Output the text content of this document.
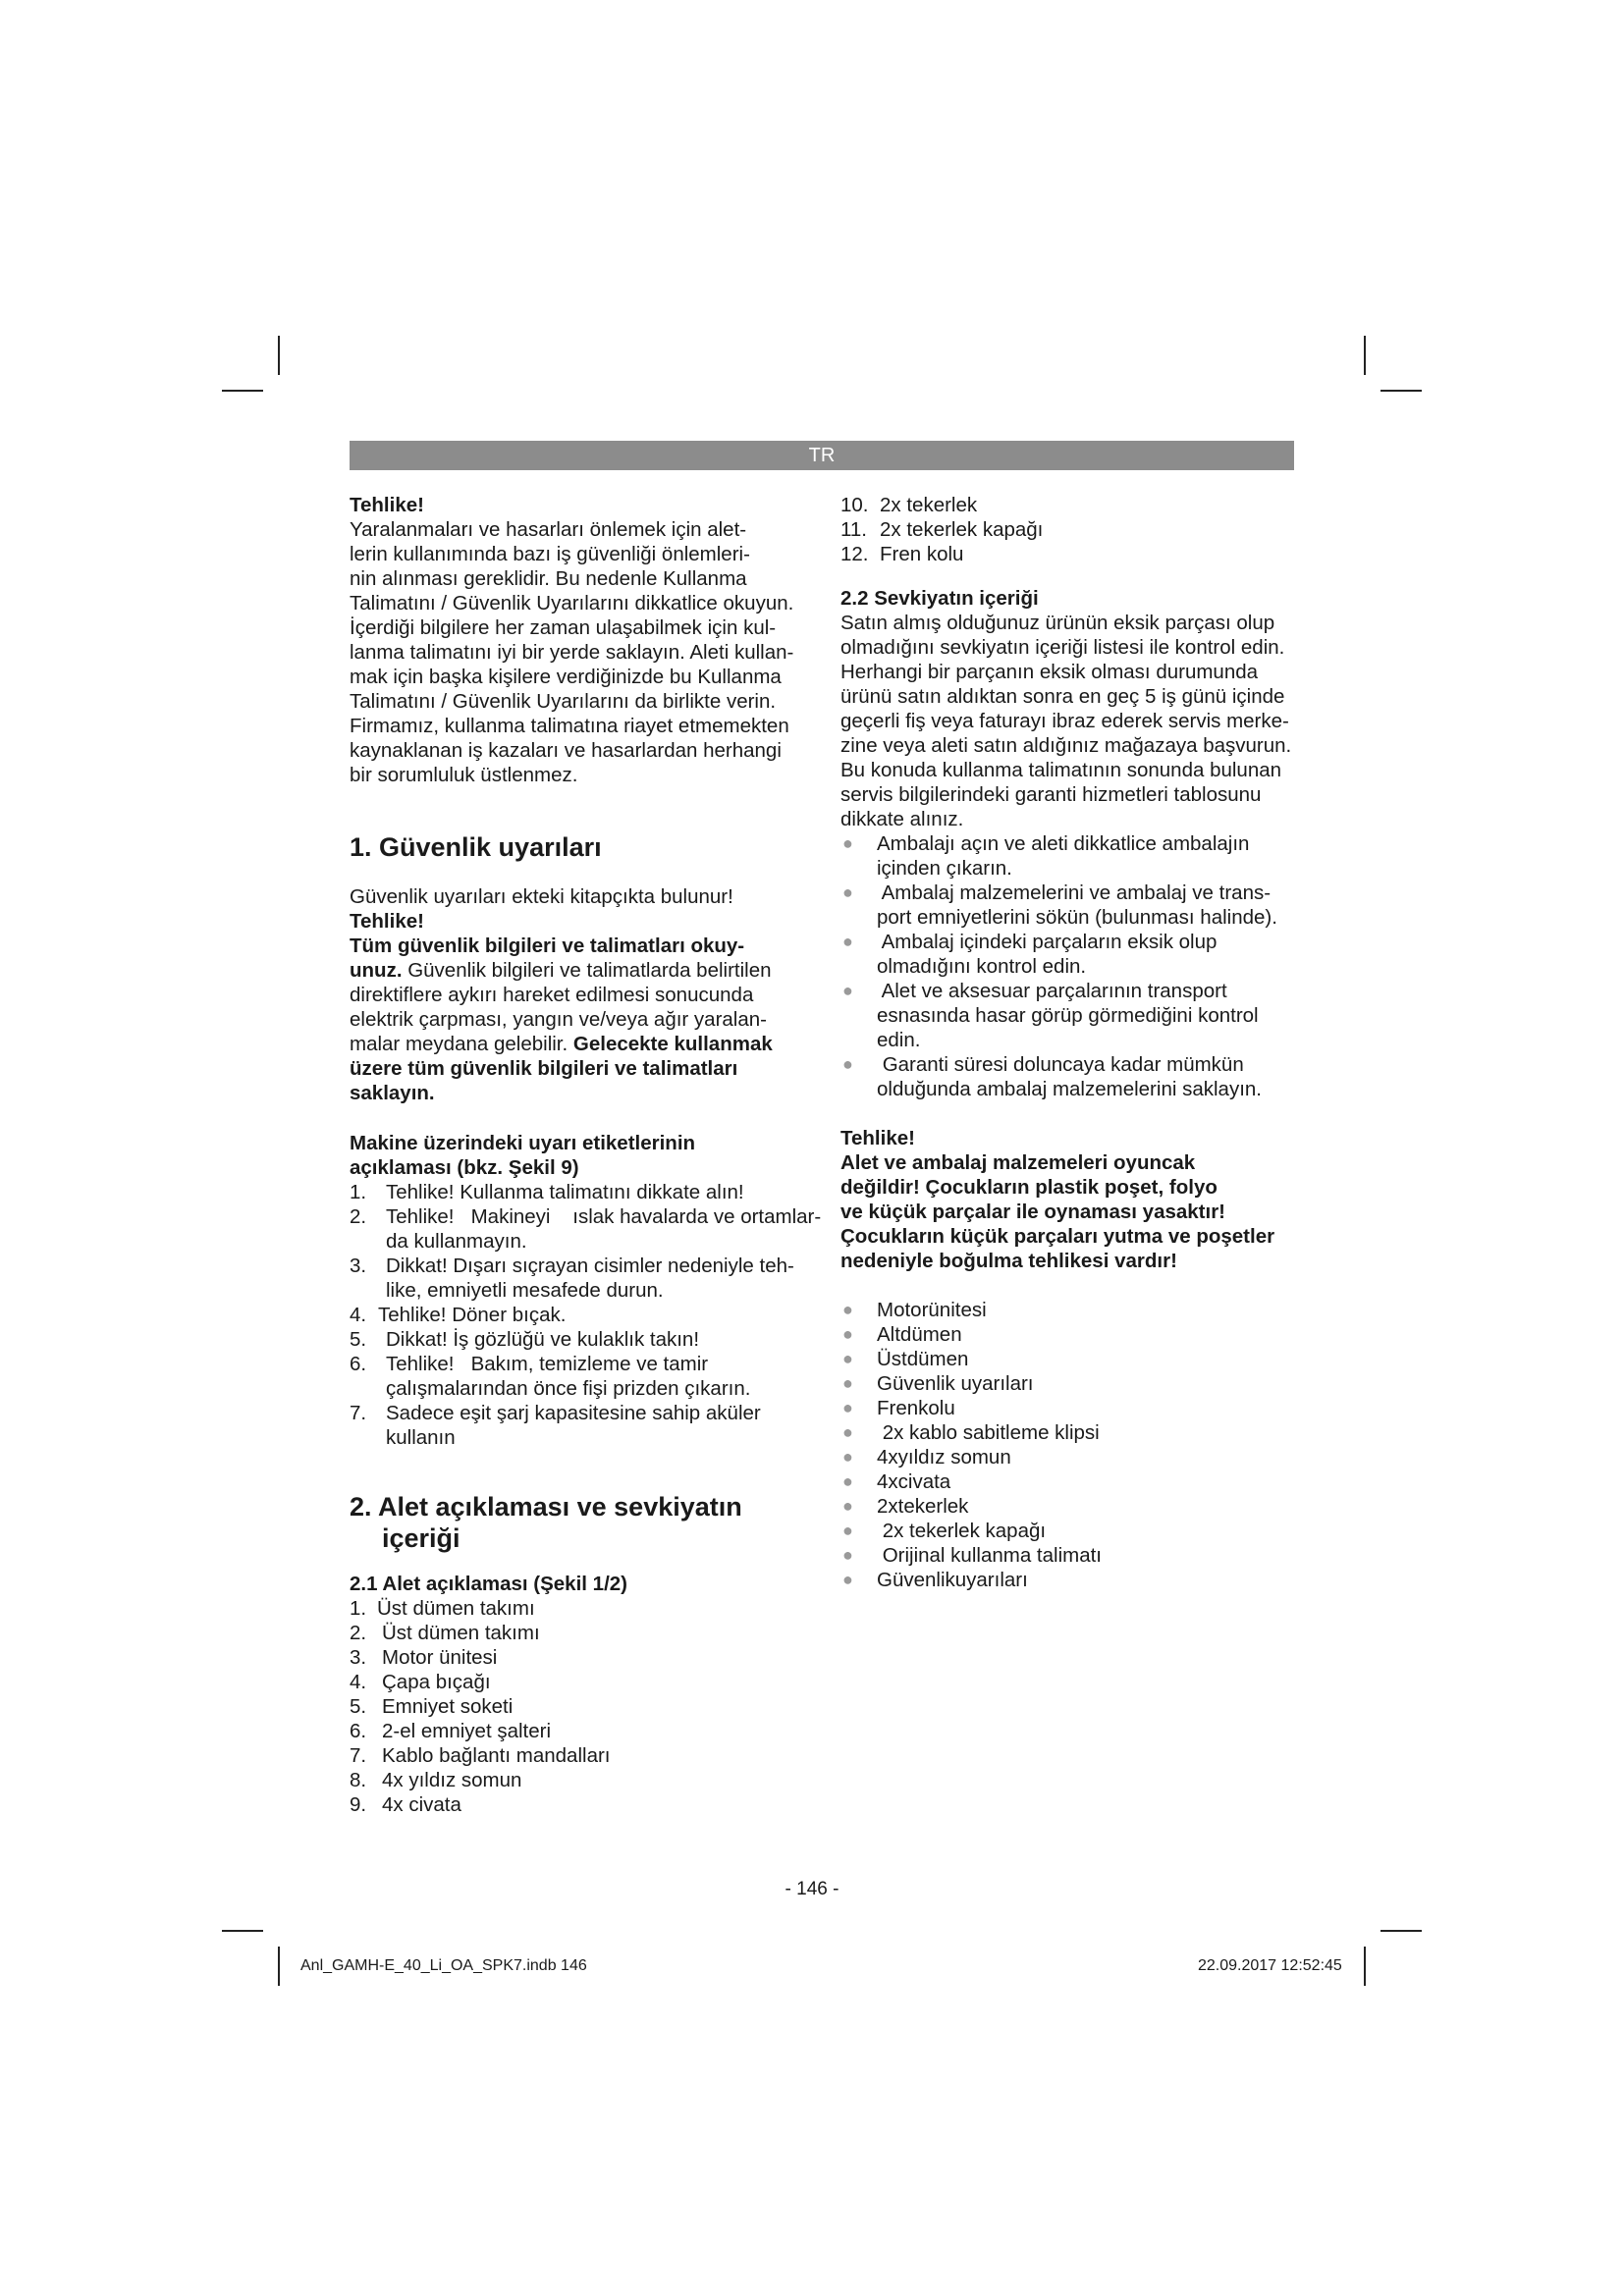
TR

Tehlike!

Yaralanmaları ve hasarları önlemek için alet-

lerin kullanımında bazı iş güvenliği önlemleri-

nin alınması gereklidir. Bu nedenle Kullanma

Talimatını / Güvenlik Uyarılarını dikkatlice okuyun.

İçerdiği bilgilere her zaman ulaşabilmek için kul-

lanma talimatını iyi bir yerde saklayın. Aleti kullan-

mak için başka kişilere verdiğinizde bu Kullanma

Talimatını / Güvenlik Uyarılarını da birlikte verin.

Firmamız, kullanma talimatına riayet etmemekten

kaynaklanan iş kazaları ve hasarlardan herhangi

bir sorumluluk üstlenmez.

1. Güvenlik uyarıları

Güvenlik uyarıları ekteki kitapçıkta bulunur!

Tehlike!

Tüm güvenlik bilgileri ve talimatları okuy-

unuz. Güvenlik bilgileri ve talimatlarda belirtilen

direktiflere aykırı hareket edilmesi sonucunda

elektrik çarpması, yangın ve/veya ağır yaralan-

malar meydana gelebilir. Gelecekte kullanmak

üzere tüm güvenlik bilgileri ve talimatları

saklayın.

Makine üzerindeki uyarı etiketlerinin

açıklaması (bkz. Şekil 9)

1. Tehlike! Kullanma talimatını dikkate alın!
2. Tehlike!   Makineyi    ıslak havalarda ve ortamlar-
da kullanmayın.
3. Dikkat! Dışarı sıçrayan cisimler nedeniyle teh-
like, emniyetli mesafede durun.
4. Tehlike! Döner bıçak.
5. Dikkat! İş gözlüğü ve kulaklık takın!
6. Tehlike!   Bakım, temizleme ve tamir
çalışmalarından önce fişi prizden çıkarın.
7. Sadece eşit şarj kapasitesine sahip aküler
kullanın

2. Alet açıklaması ve sevkiyatın

içeriği

2.1 Alet açıklaması (Şekil 1/2)

1. Üst dümen takımı
2. Üst dümen takımı
3. Motor ünitesi
4. Çapa bıçağı
5. Emniyet soketi
6. 2-el emniyet şalteri
7. Kablo bağlantı mandalları
8. 4x yıldız somun
9. 4x civata
10. 2x tekerlek
11. 2x tekerlek kapağı
12. Fren kolu

2.2 Sevkiyatın içeriği

Satın almış olduğunuz ürünün eksik parçası olup

olmadığını sevkiyatın içeriği listesi ile kontrol edin.

Herhangi bir parçanın eksik olması durumunda

ürünü satın aldıktan sonra en geç 5 iş günü içinde

geçerli fiş veya faturayı ibraz ederek servis merke-

zine veya aleti satın aldığınız mağazaya başvurun.

Bu konuda kullanma talimatının sonunda bulunan

servis bilgilerindeki garanti hizmetleri tablosunu

dikkate alınız.

● Ambalajı açın ve aleti dikkatlice ambalajın
içinden çıkarın.
● Ambalaj malzemelerini ve ambalaj ve trans-
port emniyetlerini sökün (bulunması halinde).
● Ambalaj içindeki parçaların eksik olup
olmadığını kontrol edin.
● Alet ve aksesuar parçalarının transport
esnasında hasar görüp görmediğini kontrol
edin.
● Garanti süresi doluncaya kadar mümkün
olduğunda ambalaj malzemelerini saklayın.

Tehlike!

Alet ve ambalaj malzemeleri oyuncak

değildir! Çocukların plastik poşet, folyo

ve küçük parçalar ile oynaması yasaktır!

Çocukların küçük parçaları yutma ve poşetler

nedeniyle boğulma tehlikesi vardır!

● Motorünitesi
● Altdümen
● Üstdümen
● Güvenlik uyarıları
● Frenkolu
● 2x kablo sabitleme klipsi
● 4xyıldız somun
● 4xcivata
● 2xtekerlek
● 2x tekerlek kapağı
● Orijinal kullanma talimatı
● Güvenlikuyarıları
- 146 -
Anl_GAMH-E_40_Li_OA_SPK7.indb 146	22.09.2017 12:52:45
